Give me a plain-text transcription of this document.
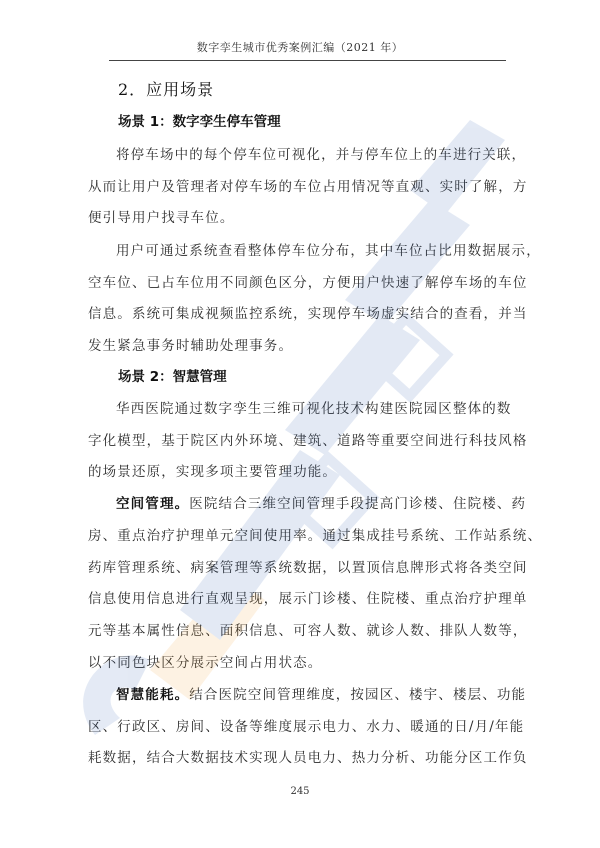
数字孪生城市优秀案例汇编（2021 年）
2．应用场景
场景 1：数字孪生停车管理
将停车场中的每个停车位可视化，并与停车位上的车进行关联，
从而让用户及管理者对停车场的车位占用情况等直观、实时了解，方
便引导用户找寻车位。
用户可通过系统查看整体停车位分布，其中车位占比用数据展示，
空车位、已占车位用不同颜色区分，方便用户快速了解停车场的车位
信息。系统可集成视频监控系统，实现停车场虚实结合的查看，并当
发生紧急事务时辅助处理事务。
场景 2：智慧管理
华西医院通过数字孪生三维可视化技术构建医院园区整体的数
字化模型，基于院区内外环境、建筑、道路等重要空间进行科技风格
的场景还原，实现多项主要管理功能。
空间管理。医院结合三维空间管理手段提高门诊楼、住院楼、药
房、重点治疗护理单元空间使用率。通过集成挂号系统、工作站系统、
药库管理系统、病案管理等系统数据，以置顶信息牌形式将各类空间
信息使用信息进行直观呈现，展示门诊楼、住院楼、重点治疗护理单
元等基本属性信息、面积信息、可容人数、就诊人数、排队人数等，
以不同色块区分展示空间占用状态。
智慧能耗。结合医院空间管理维度，按园区、楼宇、楼层、功能
区、行政区、房间、设备等维度展示电力、水力、暖通的日/月/年能
耗数据，结合大数据技术实现人员电力、热力分析、功能分区工作负
245
